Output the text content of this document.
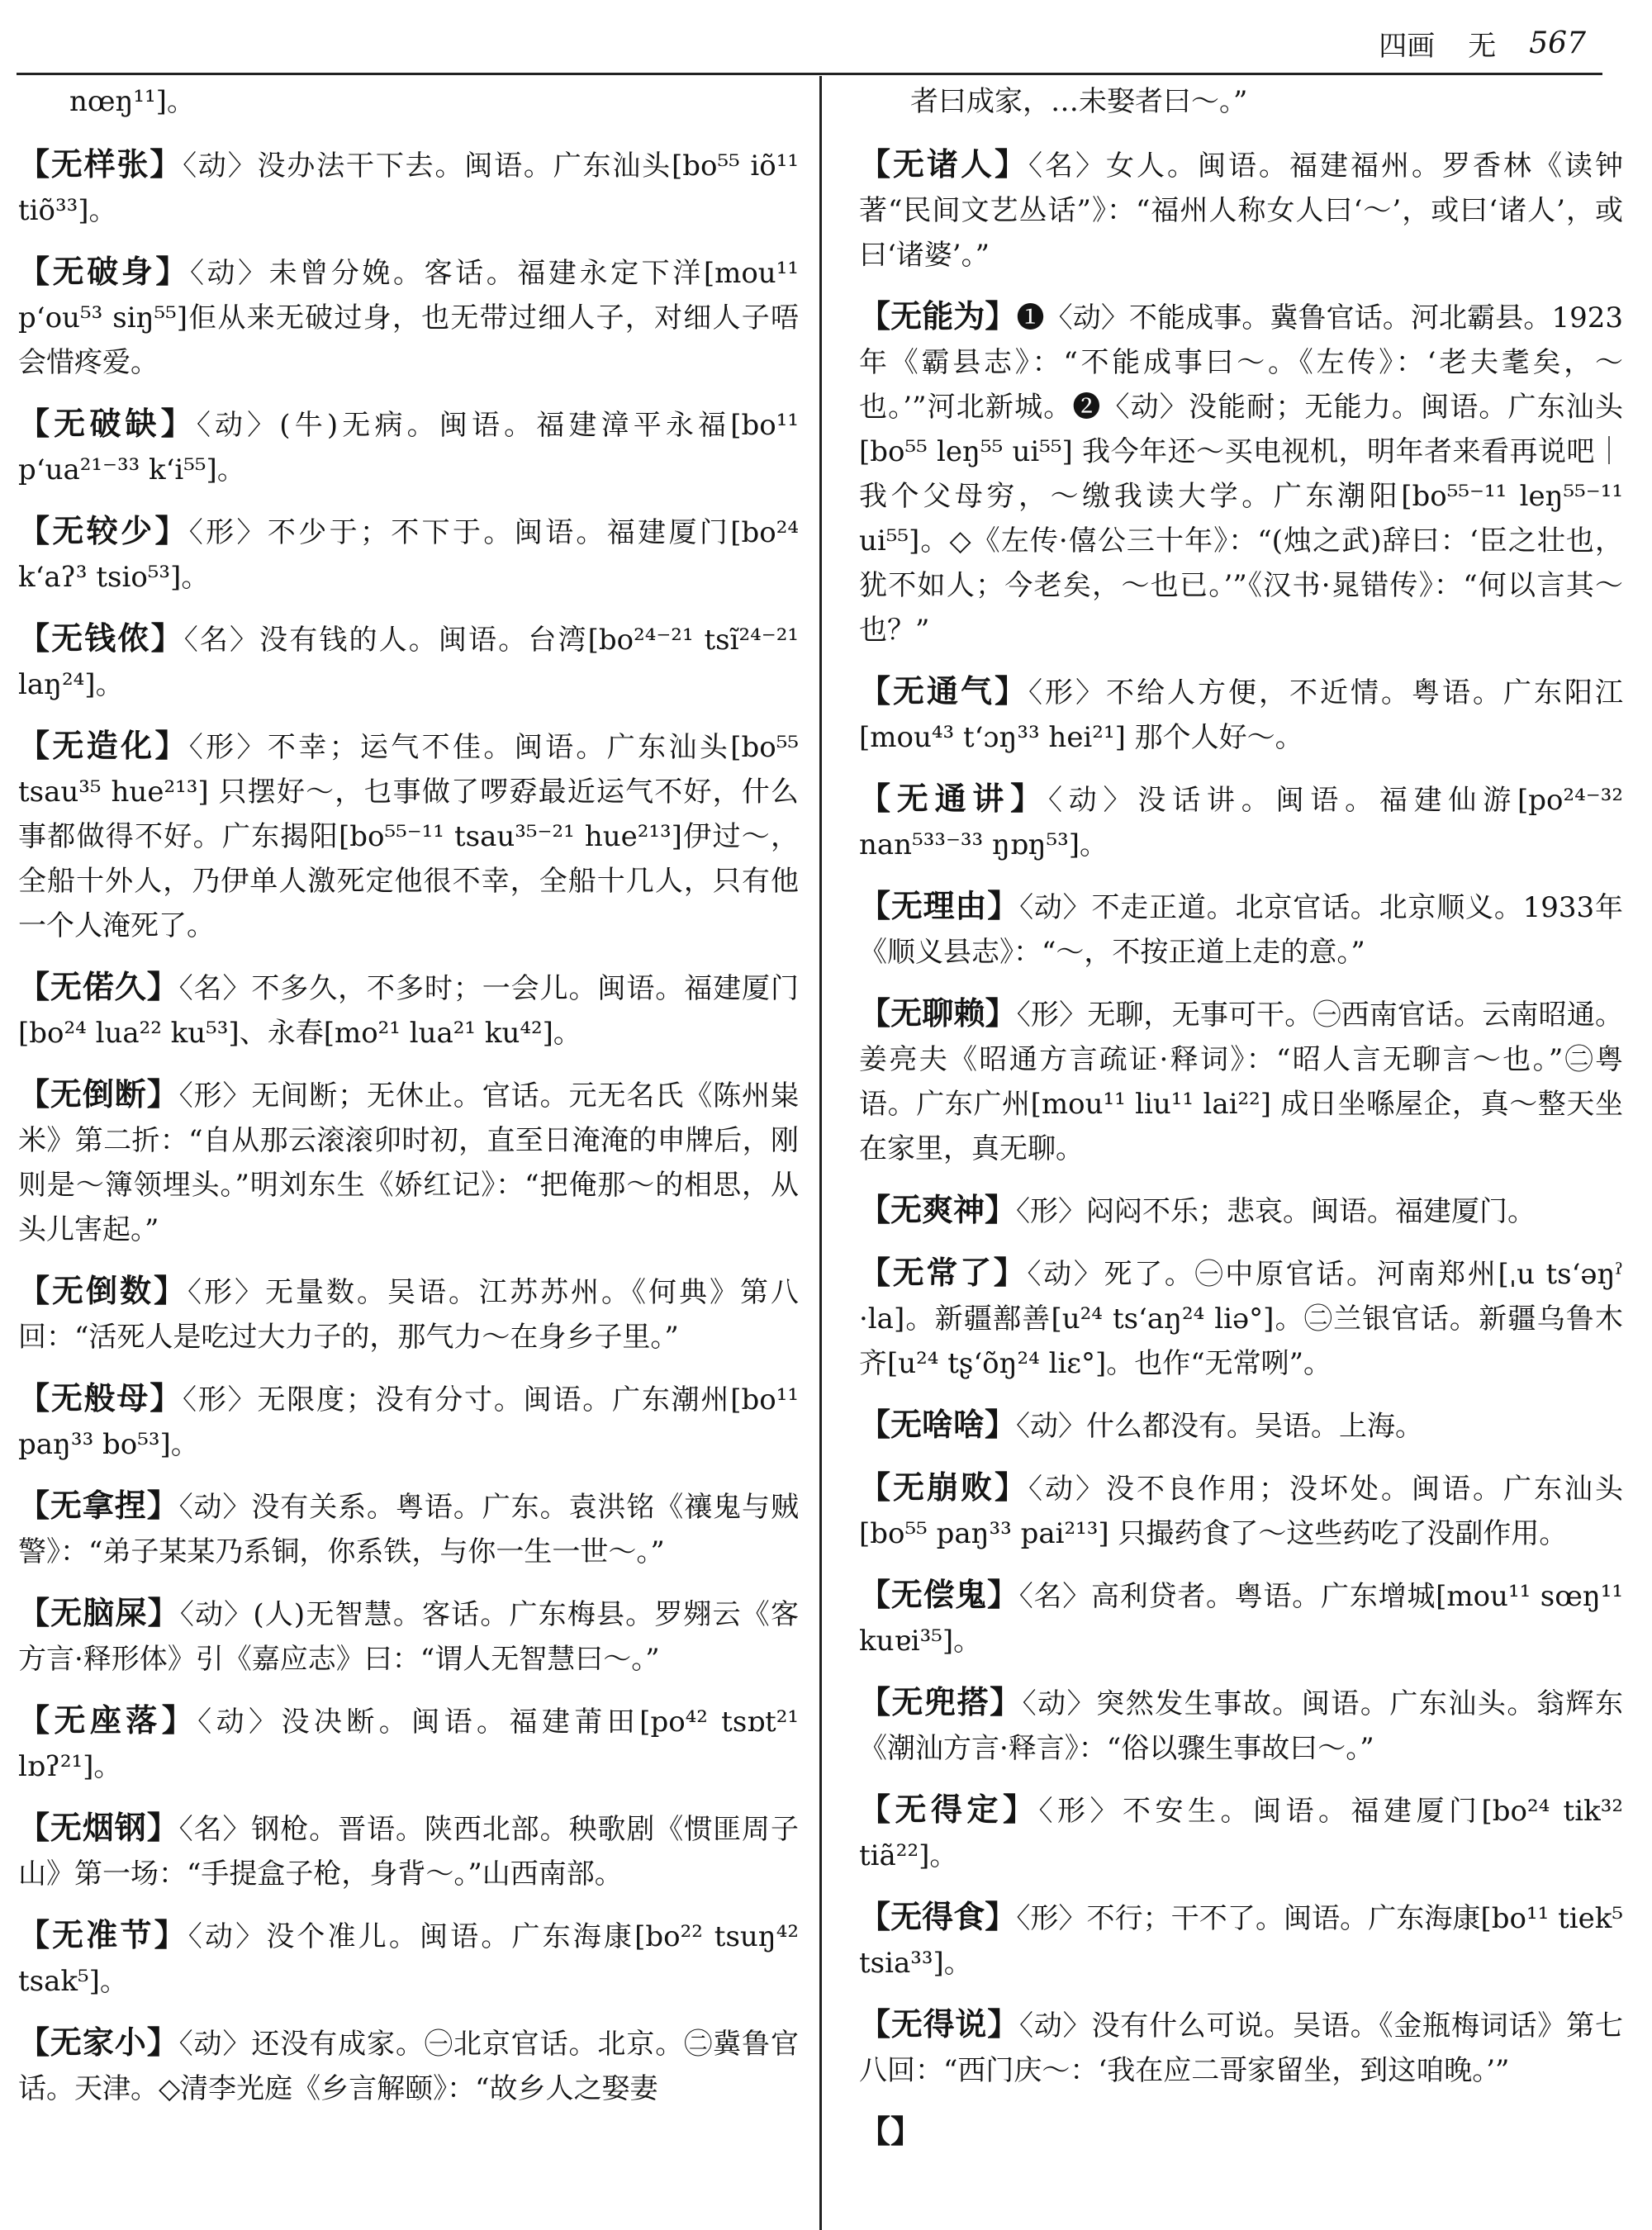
四画 无 567

nœŋ¹¹]。

【无样张】〈动〉没办法干下去。闽语。广东汕头[bo⁵⁵ iõ¹¹ tiõ³³]。

【无破身】〈动〉未曾分娩。客话。福建永定下洋[mou¹¹ p‘ou⁵³ siŋ⁵⁵]佢从来无破过身，也无带过细人子，对细人子唔会惜疼爱。

【无破缺】〈动〉(牛)无病。闽语。福建漳平永福[bo¹¹ p‘ua²¹⁻³³ k‘i⁵⁵]。

【无较少】〈形〉不少于；不下于。闽语。福建厦门[bo²⁴ k‘aʔ³ tsio⁵³]。

【无钱侬】〈名〉没有钱的人。闽语。台湾[bo²⁴⁻²¹ tsĩ²⁴⁻²¹ laŋ²⁴]。

【无造化】〈形〉不幸；运气不佳。闽语。广东汕头[bo⁵⁵ tsau³⁵ hue²¹³] 只摆好～，乜事做了啰孬最近运气不好，什么事都做得不好。广东揭阳[bo⁵⁵⁻¹¹ tsau³⁵⁻²¹ hue²¹³]伊过～，全船十外人，乃伊单人激死定他很不幸，全船十几人，只有他一个人淹死了。

【无偌久】〈名〉不多久，不多时；一会儿。闽语。福建厦门[bo²⁴ lua²² ku⁵³]、永春[mo²¹ lua²¹ ku⁴²]。

【无倒断】〈形〉无间断；无休止。官话。元无名氏《陈州粜米》第二折：“自从那云滚滚卯时初，直至日淹淹的申牌后，刚则是～簿领埋头。”明刘东生《娇红记》：“把俺那～的相思，从头儿害起。”

【无倒数】〈形〉无量数。吴语。江苏苏州。《何典》第八回：“活死人是吃过大力子的，那气力～在身乡子里。”

【无般母】〈形〉无限度；没有分寸。闽语。广东潮州[bo¹¹ paŋ³³ bo⁵³]。

【无拿捏】〈动〉没有关系。粤语。广东。袁洪铭《禳鬼与贼警》：“弟子某某乃系铜，你系铁，与你一生一世～。”

【无脑屎】〈动〉(人)无智慧。客话。广东梅县。罗翙云《客方言·释形体》引《嘉应志》曰：“谓人无智慧曰～。”

【无座落】〈动〉没决断。闽语。福建莆田[po⁴² tsɒt²¹ lɒʔ²¹]。

【无烟钢】〈名〉钢枪。晋语。陕西北部。秧歌剧《惯匪周子山》第一场：“手提盒子枪，身背～。”山西南部。

【无准节】〈动〉没个准儿。闽语。广东海康[bo²² tsuŋ⁴² tsak⁵]。

【无家小】〈动〉还没有成家。㊀北京官话。北京。㊁冀鲁官话。天津。◇清李光庭《乡言解颐》：“故乡人之娶妻

者曰成家，…未娶者曰～。”

【无诸人】〈名〉女人。闽语。福建福州。罗香林《读钟著“民间文艺丛话”》：“福州人称女人曰‘～’，或曰‘诸人’，或曰‘诸婆’。”

【无能为】❶〈动〉不能成事。冀鲁官话。河北霸县。1923年《霸县志》：“不能成事曰～。《左传》：‘老夫耄矣，～也。’”河北新城。❷〈动〉没能耐；无能力。闽语。广东汕头[bo⁵⁵ leŋ⁵⁵ ui⁵⁵] 我今年还～买电视机，明年者来看再说吧｜我个父母穷，～缴我读大学。广东潮阳[bo⁵⁵⁻¹¹ leŋ⁵⁵⁻¹¹ ui⁵⁵]。◇《左传·僖公三十年》：“(烛之武)辞曰：‘臣之壮也，犹不如人；今老矣，～也已。’”《汉书·晁错传》：“何以言其～也？”

【无通气】〈形〉不给人方便，不近情。粤语。广东阳江[mou⁴³ t‘ɔŋ³³ hei²¹] 那个人好～。

【无通讲】〈动〉没话讲。闽语。福建仙游[po²⁴⁻³² nan⁵³³⁻³³ ŋɒŋ⁵³]。

【无理由】〈动〉不走正道。北京官话。北京顺义。1933年《顺义县志》：“～，不按正道上走的意。”

【无聊赖】〈形〉无聊，无事可干。㊀西南官话。云南昭通。姜亮夫《昭通方言疏证·释词》：“昭人言无聊言～也。”㊁粤语。广东广州[mou¹¹ liu¹¹ lai²²] 成日坐喺屋企，真～整天坐在家里，真无聊。

【无爽神】〈形〉闷闷不乐；悲哀。闽语。福建厦门。

【无常了】〈动〉死了。㊀中原官话。河南郑州[ˌu ts‘əŋˀ ·la]。新疆鄯善[u²⁴ ts‘aŋ²⁴ liə°]。㊁兰银官话。新疆乌鲁木齐[u²⁴ tʂ‘õŋ²⁴ liɛ°]。也作“无常咧”。

【无啥啥】〈动〉什么都没有。吴语。上海。

【无崩败】〈动〉没不良作用；没坏处。闽语。广东汕头[bo⁵⁵ paŋ³³ pai²¹³] 只撮药食了～这些药吃了没副作用。

【无偿鬼】〈名〉高利贷者。粤语。广东增城[mou¹¹ sœŋ¹¹ kuɐi³⁵]。

【无兜搭】〈动〉突然发生事故。闽语。广东汕头。翁辉东《潮汕方言·释言》：“俗以骤生事故曰～。”

【无得定】〈形〉不安生。闽语。福建厦门[bo²⁴ tik³² tiã²²]。

【无得食】〈形〉不行；干不了。闽语。广东海康[bo¹¹ tiek⁵ tsia³³]。

【无得说】〈动〉没有什么可说。吴语。《金瓶梅词话》第七八回：“西门庆～：‘我在应二哥家留坐，到这咱晚。’”

【】
